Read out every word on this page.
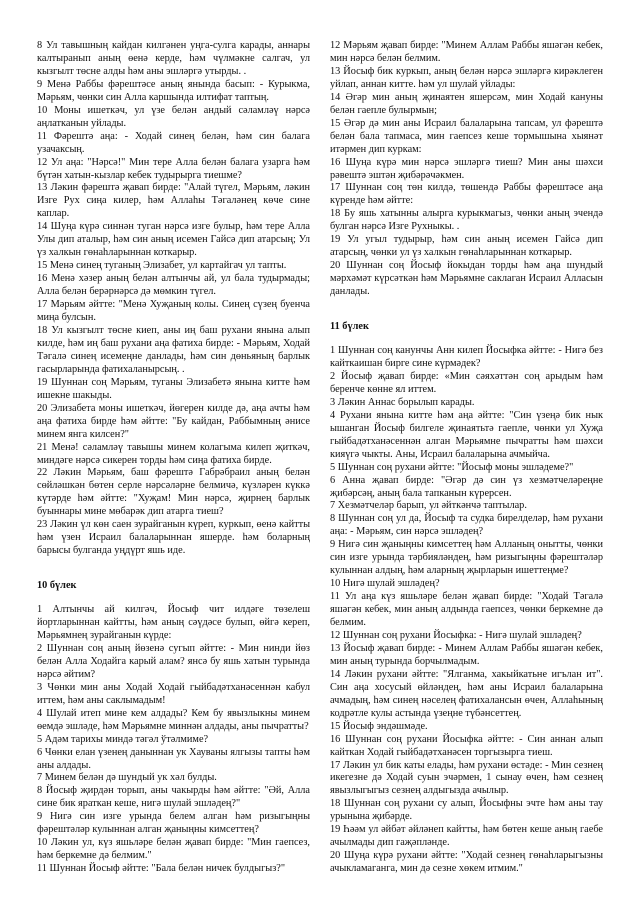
8 Ул тавышның кайдан килгәнен уңга-сулга карады, аннары калтыранып аның өенә керде, һәм чүлмәкне салгач, ул кызгылт төсне алды һәм аны эшләргә утырды. .

9 Менә Раббы фәрештәсе аның янында басып: - Курыкма, Мәрьям, чөнки син Алла каршында илтифат таптың.

10 Моны ишеткәч, ул үзе белән андый сәламләү нәрсә аңлатканын уйлады.

11 Фәрештә аңа: - Ходай синең белән, һәм син балага узачаксың.

12 Ул аңа: "Нәрсә!" Мин тере Алла белән балага узарга һәм бүтән хатын-кызлар кебек тудырырга тиешме?

13 Ләкин фәрештә җавап бирде: "Алай түгел, Мәрьям, ләкин Изге Рух сиңа килер, һәм Аллаһы Тәгаләнең көче сине каплар.

14 Шуңа күрә синнән туган нәрсә изге булыр, һәм тере Алла Улы дип аталыр, һәм син аның исемен Гайсә дип атарсың; Ул үз халкын гөнаһларыннан коткарыр.

15 Менә синең туганың Элизабет, ул картайгач ул тапты.

16 Менә хәзер аның белән алтынчы ай, ул бала тудырмады; Алла белән берәрнәрсә дә мөмкин түгел.

17 Мәрьям әйтте: "Менә Хуҗаның колы. Синең сүзең буенча миңа булсын.

18 Ул кызгылт төсне киеп, аны иң баш рухани янына алып килде, һәм иң баш рухани аңа фатиха бирде: - Мәрьям, Ходай Тәгалә синең исемеңне данлады, һәм син дөньяның барлык гасырларында фатихаланырсың. .

19 Шуннан соң Мәрьям, туганы Элизабетә янына китте һәм ишекне шакыды.

20 Элизабета моны ишеткәч, йөгерен килде дә, аңа ачты һәм аңа фатиха бирде һәм әйтте: "Бу кайдан, Раббымның әнисе минем янга килсен?"

21 Менә! сәламләү тавышы минем колагыма килеп җиткәч, миндәге нәрсә сикерен торды һәм сиңа фатиха бирде.

22 Ләкин Мәрьям, баш фәрештә Габрәбраил аның белән сөйләшкән бөтен серле нәрсәләрне белмичә, күзләрен күккә күтәрде һәм әйтте: "Хуҗам! Мин нәрсә, җирнең барлык буыннары мине мөбарәк дип атарга тиеш?

23 Ләкин үл көн саен зурайганын күреп, куркып, өенә кайтты һәм үзен Исраил балаларыннан яшерде. һәм боларның барысы булганда уңдүрт яшь иде.

10 бүлек

1 Алтынчы ай килгәч, Йосыф чит илдәге төзелеш йортларыннан кайтты, һәм аның сәүдәсе булып, өйгә кереп, Мәрьямнең зурайганын күрде:

2 Шуннан соң аның йөзенә сугып әйтте: - Мин нинди йөз белән Алла Ходайга карый алам? янсә бу яшь хатын турында нәрсә әйтим?

3 Чөнки мин аны Ходай Ходай гыйбадәтханәсеннән кабул иттем, һәм аны саклымадым!

4 Шулай итеп мине кем алдады? Кем бу явызлыкны минем өемдә эшләде, һәм Мәрьямне миннән алдады, аны пычратты?

5 Адәм тарихы миндә тәгәл ўтәлмиме?

6 Чөнки елан үзенең даныннан ук Хауваны ялгызы тапты һәм аны алдады.

7 Минем белән дә шундый ук хәл булды.

8 Йосыф җирдән торып, аны чакырды һәм әйтте: "Әй, Алла сине бик яраткан кеше, нигә шулай эшләдең?"

9 Нигә син изге урында белем алган һәм ризыгыңны фәрештәләр кулыннан алган җаныңны кимсеттең?

10 Ләкин ул, күз яшьләре белән җавап бирде: "Мин гаепсез, һәм беркемне дә белмим."

11 Шуннан Йосыф әйтте: "Бала белән ничек булдыгыз?"

12 Мәрьям җавап бирде: "Минем Аллам Раббы яшәгән кебек, мин нәрсә белән белмим.

13 Йосыф бик куркып, аның белән нәрсә эшләргә кирәклеген уйлап, аннан китте. һәм ул шулай уйлады:

14 Әгәр мин аның җинаятен яшерсәм, мин Ходай кануны белән гаепле булырмын;

15 Әгәр дә мин аны Исраил балаларына тапсам, ул фәрештә белән бала тапмаса, мин гаепсез кеше тормышына хыянәт итәрмен дип куркам:

16 Шуңа күрә мин нәрсә эшләргә тиеш? Мин аны шәхси рәвештә эштән җибәрәчәкмен.

17 Шуннан соң төн килдә, төшендә Раббы фәрештәсе аңа күренде һәм әйтте:

18 Бу яшь хатынны алырга курыкмагыз, чөнки аның эчендә булган нәрсә Изге Рухныкы. .

19 Ул угыл тудырыр, һәм син аның исемен Гайсә дип атарсың, чөнки ул үз халкын гөнаһларыннан коткарыр.

20 Шуннан соң Йосыф йокыдан торды һәм аңа шундый мәрхәмәт күрсәткән һәм Мәрьямне саклаган Исраил Алласын данлады.

11 бүлек

1 Шуннан соң канунчы Анн килеп Йосыфка әйтте: - Нигә без кайткаишан бирге сине күрмәдек?

2 Йосыф җавап бирде: «Мин сәяхәттән соң арыдым һәм беренче көнне ял иттем.

3 Ләкин Аннас борылып карады.

4 Рухани янына китте һәм аңа әйтте: "Син үзеңә бик нык ышанган Йосыф билгеле җинаятьтә гаепле, чөнки ул Хуҗа гыйбадәтханәсеннән алган Мәрьямне пычратты һәм шәхси кияүгә чыкты. Аны, Исраил балаларына ачмыйча.

5 Шуннан соң рухани әйтте: "Йосыф моны эшләдеме?"

6 Анна җавап бирде: "Әгәр дә син үз хезмәтчеләреңне җибәрсәң, аның бала тапканын күрерсен.

7 Хезмәтчеләр барып, ул әйткәнчә таптылар.

8 Шуннан соң ул да, Йосыф та судка бирелделәр, һәм рухани аңа: - Мәрьям, син нәрсә эшләдең?

9 Нигә син җаныңны кимсеттең һәм Алланың онытты, чөнки син изге урында тәрбияләндең, һәм ризыгыңны фәрештәләр кулыннан алдың, һәм аларның җырларын ишеттеңме?

10 Нигә шулай эшләдең?

11 Ул аңа күз яшьләре белән җавап бирде: "Ходай Тәгалә яшәгән кебек, мин аның алдында гаепсез, чөнки беркемне дә белмим.

12 Шуннан соң рухани Йосыфка: - Нигә шулай эшләдең?

13 Йосыф җавап бирде: - Минем Аллам Раббы яшәгән кебек, мин аның турында борчылмадым.

14 Ләкин рухани әйтте: "Ялганма, хакыйкатьне игълан ит". Син аңа хосусый өйләндең, һәм аны Исраил балаларына ачмадың, һәм синең нәселең фатихалансын өчен, Аллаһының кодрәтле кулы астында үзеңне түбәнсеттең.

15 Йосыф эндәшмәде.

16 Шуннан соң рухани Йосыфка әйтте: - Син аннан алып кайткан Ходай гыйбадәтханәсен торгызырга тиеш.

17 Ләкин ул бик каты елады, һәм рухани өстәде: - Мин сезнең икегезне дә Ходай суын эчәрмен, 1 сынау өчен, һәм сезнең явызлыгыгыз сезнең алдыгызда ачылыр.

18 Шуннан соң рухани су алып, Йосыфны эчте һәм аны тау урынына җибәрде.

19 Һәәм ул әйбәт әйләнеп кайтты, һәм бөтен кеше аның гаебе ачылмады дип гаҗәпләнде.

20 Шуңа күрә рухани әйтте: "Ходай сезнең гөнаһларыгызны ачыкламаганга, мин дә сезне хөкем итмим."
